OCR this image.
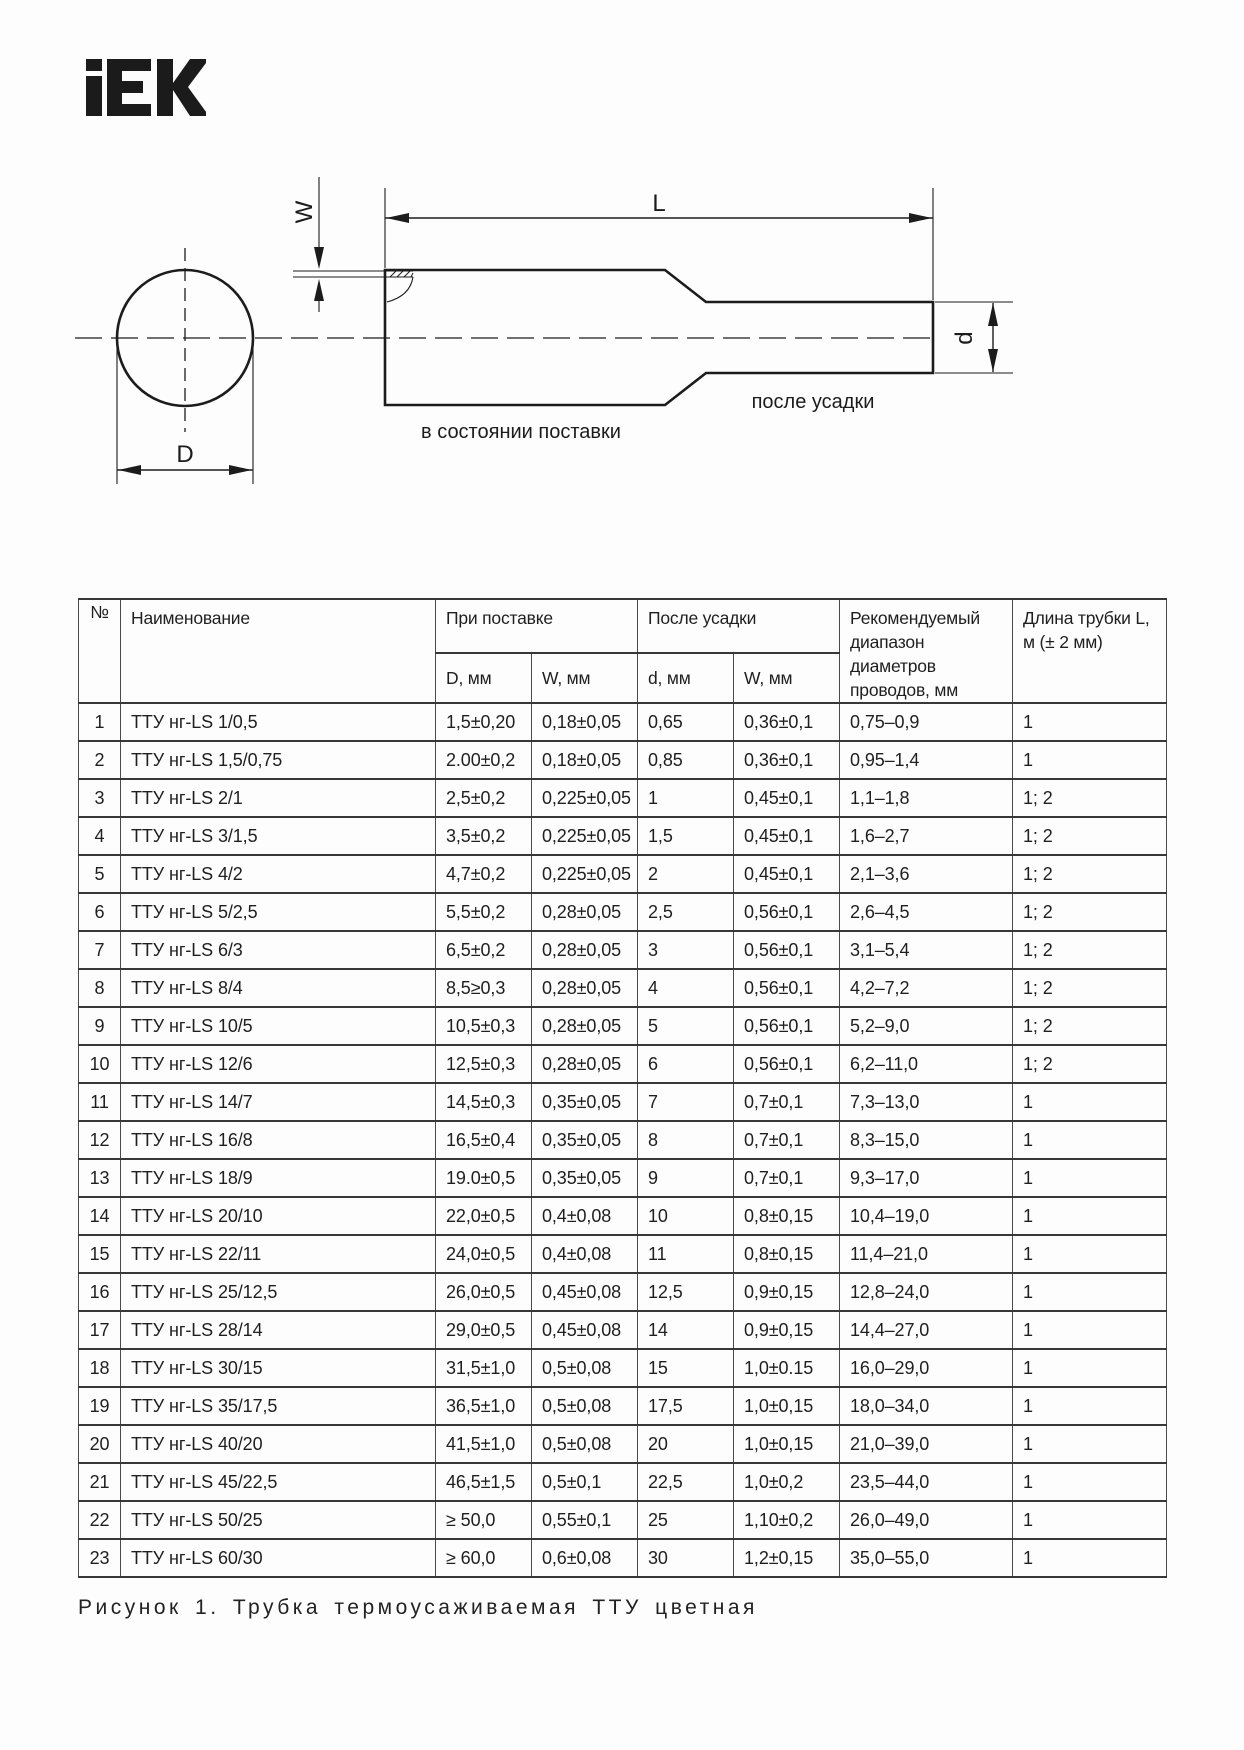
W	L
D
d
в состоянии поставки
после усадки
№	Наименование	При поставке		После усадки		Рекомендуемый диапазон диаметров проводов, мм	Длина трубки L, м (± 2 мм)
		D, мм	W, мм	d, мм	W, мм		
1	ТТУ нг-LS 1/0,5	1,5±0,20	0,18±0,05	0,65	0,36±0,1	0,75–0,9	1
2	ТТУ нг-LS 1,5/0,75	2.00±0,2	0,18±0,05	0,85	0,36±0,1	0,95–1,4	1
3	ТТУ нг-LS 2/1	2,5±0,2	0,225±0,05	1	0,45±0,1	1,1–1,8	1; 2
4	ТТУ нг-LS 3/1,5	3,5±0,2	0,225±0,05	1,5	0,45±0,1	1,6–2,7	1; 2
5	ТТУ нг-LS 4/2	4,7±0,2	0,225±0,05	2	0,45±0,1	2,1–3,6	1; 2
6	ТТУ нг-LS 5/2,5	5,5±0,2	0,28±0,05	2,5	0,56±0,1	2,6–4,5	1; 2
7	ТТУ нг-LS 6/3	6,5±0,2	0,28±0,05	3	0,56±0,1	3,1–5,4	1; 2
8	ТТУ нг-LS 8/4	8,5≥0,3	0,28±0,05	4	0,56±0,1	4,2–7,2	1; 2
9	ТТУ нг-LS 10/5	10,5±0,3	0,28±0,05	5	0,56±0,1	5,2–9,0	1; 2
10	ТТУ нг-LS 12/6	12,5±0,3	0,28±0,05	6	0,56±0,1	6,2–11,0	1; 2
11	ТТУ нг-LS 14/7	14,5±0,3	0,35±0,05	7	0,7±0,1	7,3–13,0	1
12	ТТУ нг-LS 16/8	16,5±0,4	0,35±0,05	8	0,7±0,1	8,3–15,0	1
13	ТТУ нг-LS 18/9	19.0±0,5	0,35±0,05	9	0,7±0,1	9,3–17,0	1
14	ТТУ нг-LS 20/10	22,0±0,5	0,4±0,08	10	0,8±0,15	10,4–19,0	1
15	ТТУ нг-LS 22/11	24,0±0,5	0,4±0,08	11	0,8±0,15	11,4–21,0	1
16	ТТУ нг-LS 25/12,5	26,0±0,5	0,45±0,08	12,5	0,9±0,15	12,8–24,0	1
17	ТТУ нг-LS 28/14	29,0±0,5	0,45±0,08	14	0,9±0,15	14,4–27,0	1
18	ТТУ нг-LS 30/15	31,5±1,0	0,5±0,08	15	1,0±0.15	16,0–29,0	1
19	ТТУ нг-LS 35/17,5	36,5±1,0	0,5±0,08	17,5	1,0±0,15	18,0–34,0	1
20	ТТУ нг-LS 40/20	41,5±1,0	0,5±0,08	20	1,0±0,15	21,0–39,0	1
21	ТТУ нг-LS 45/22,5	46,5±1,5	0,5±0,1	22,5	1,0±0,2	23,5–44,0	1
22	ТТУ нг-LS 50/25	≥ 50,0	0,55±0,1	25	1,10±0,2	26,0–49,0	1
23	ТТУ нг-LS 60/30	≥ 60,0	0,6±0,08	30	1,2±0,15	35,0–55,0	1
Рисунок 1. Трубка термоусаживаемая ТТУ цветная
